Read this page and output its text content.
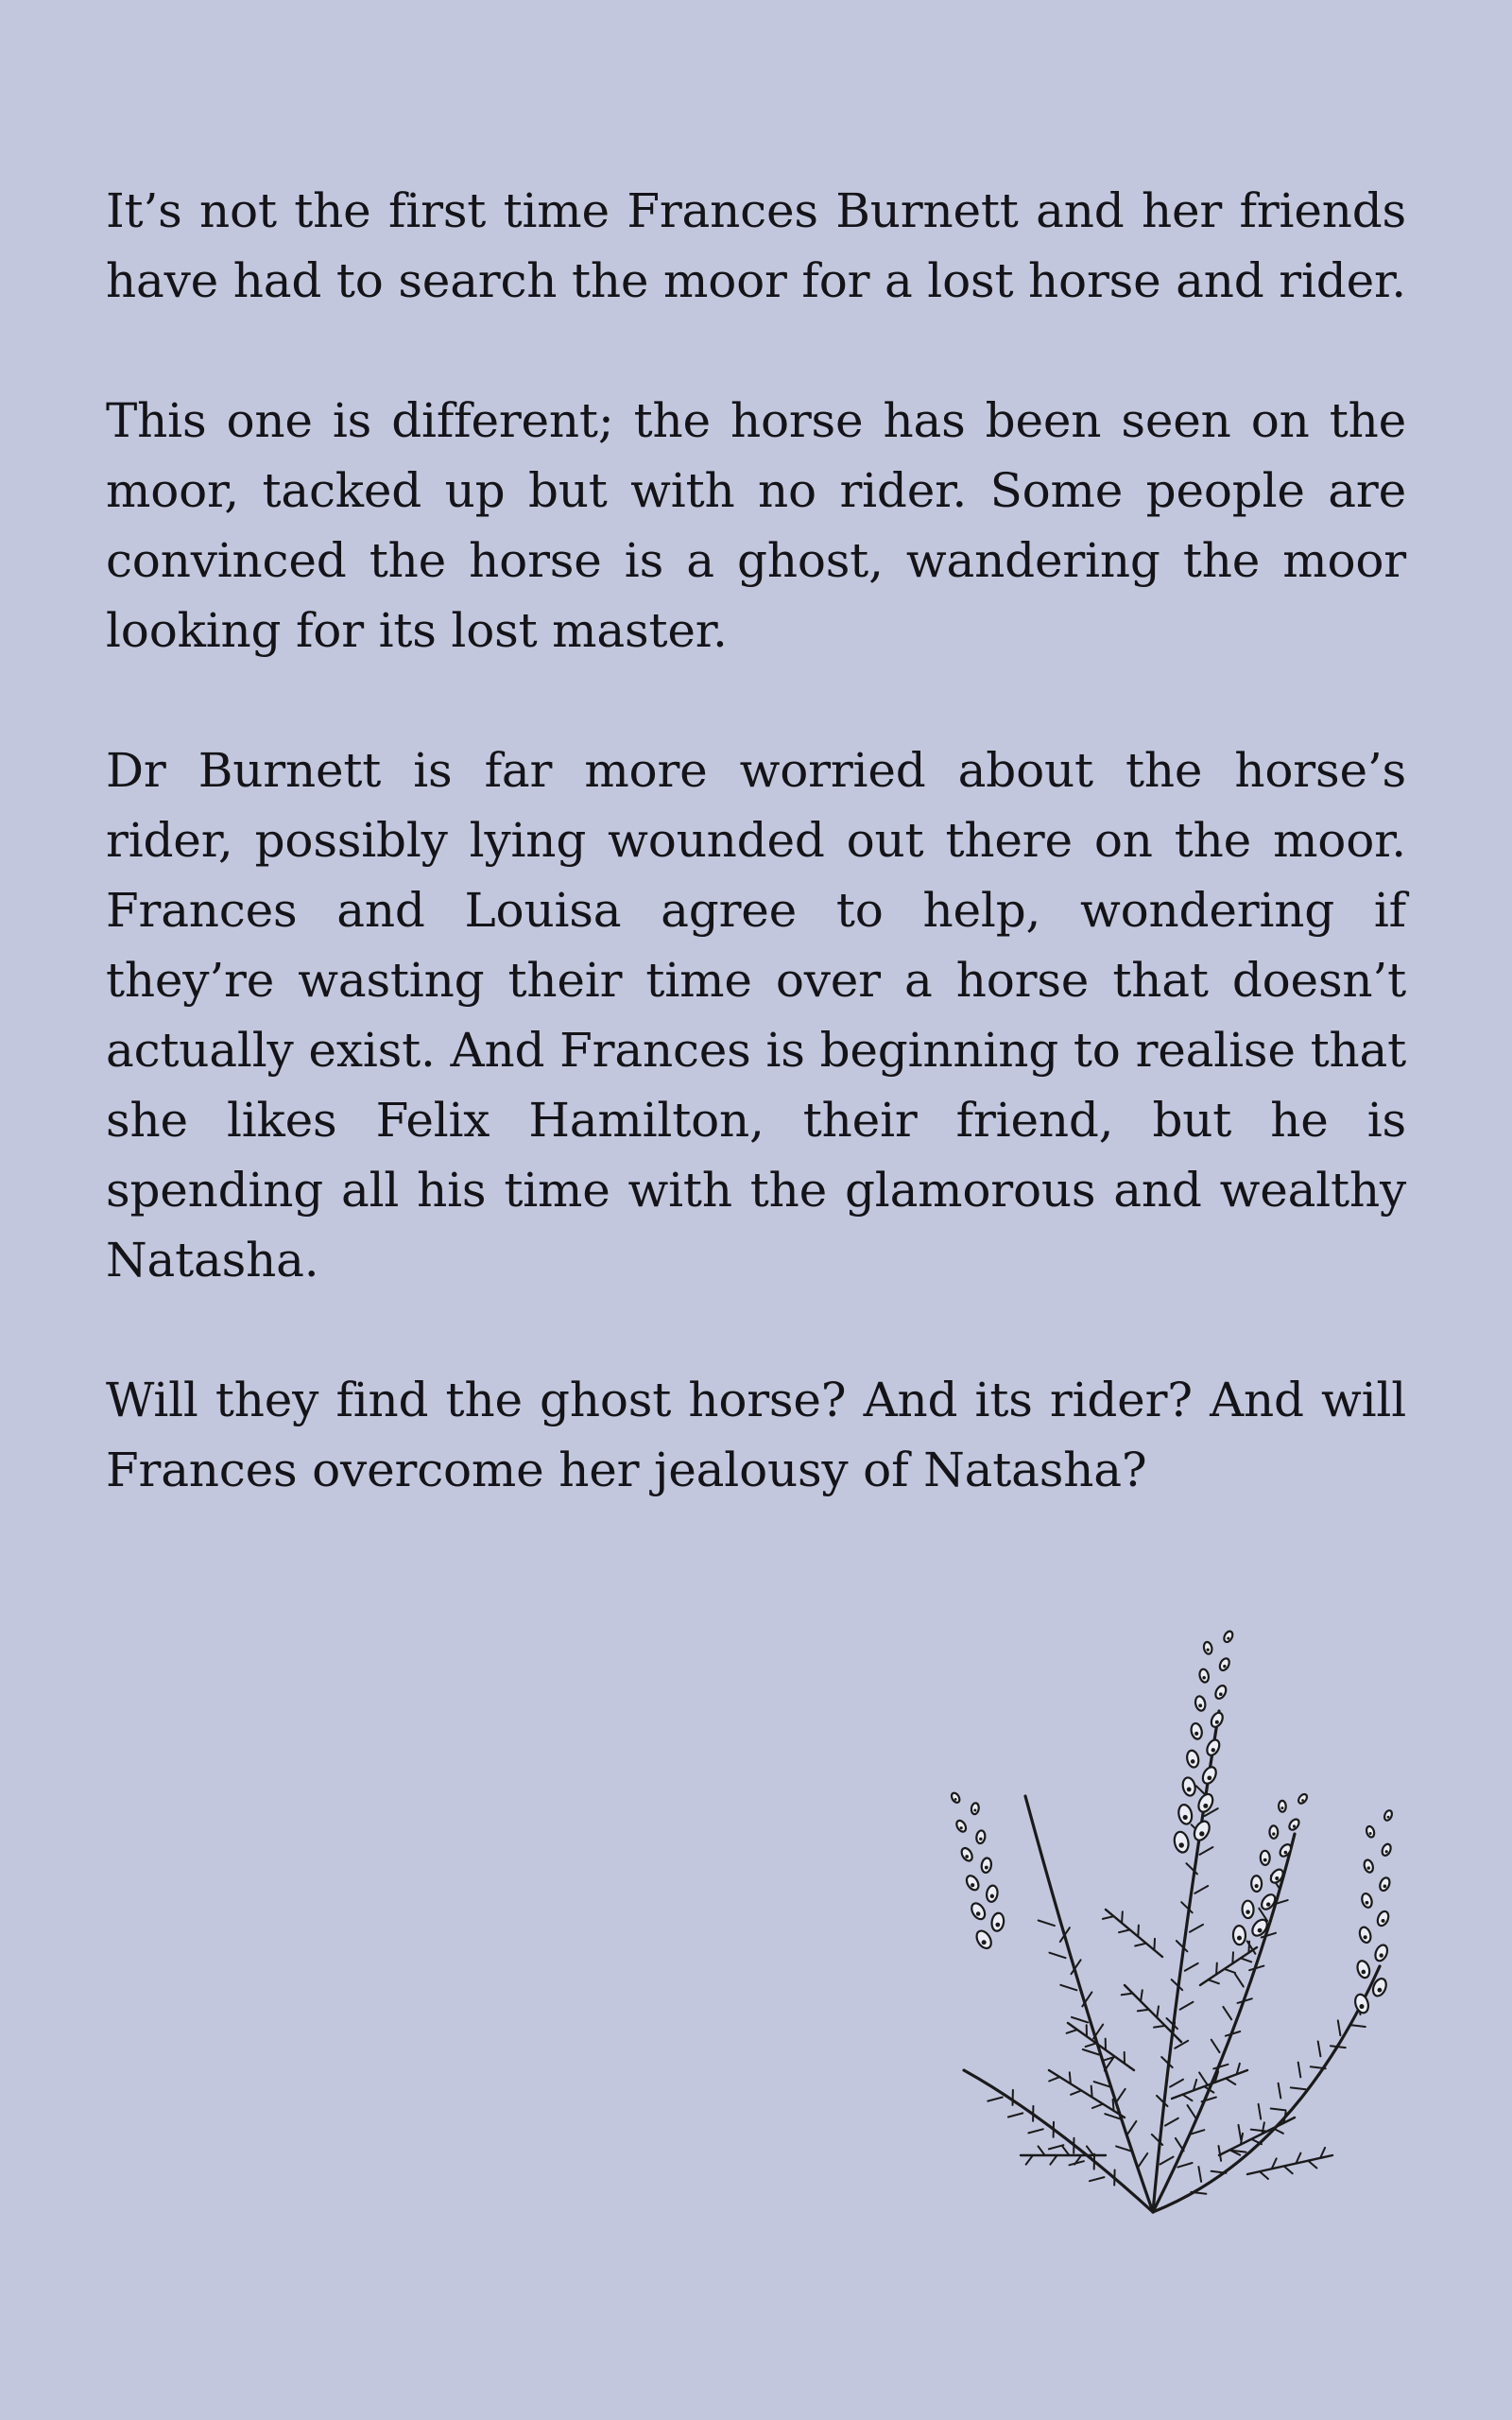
It’s not the first time Frances Burnett and her friends have had to search the moor for a lost horse and rider.

This one is different; the horse has been seen on the moor, tacked up but with no rider. Some people are convinced the horse is a ghost, wandering the moor looking for its lost master.

Dr Burnett is far more worried about the horse’s rider, possibly lying wounded out there on the moor. Frances and Louisa agree to help, wondering if they’re wasting their time over a horse that doesn’t actually exist. And Frances is beginning to realise that she likes Felix Hamilton, their friend, but he is spending all his time with the glamorous and wealthy Natasha.

Will they find the ghost horse? And its rider? And will Frances overcome her jealousy of Natasha?
